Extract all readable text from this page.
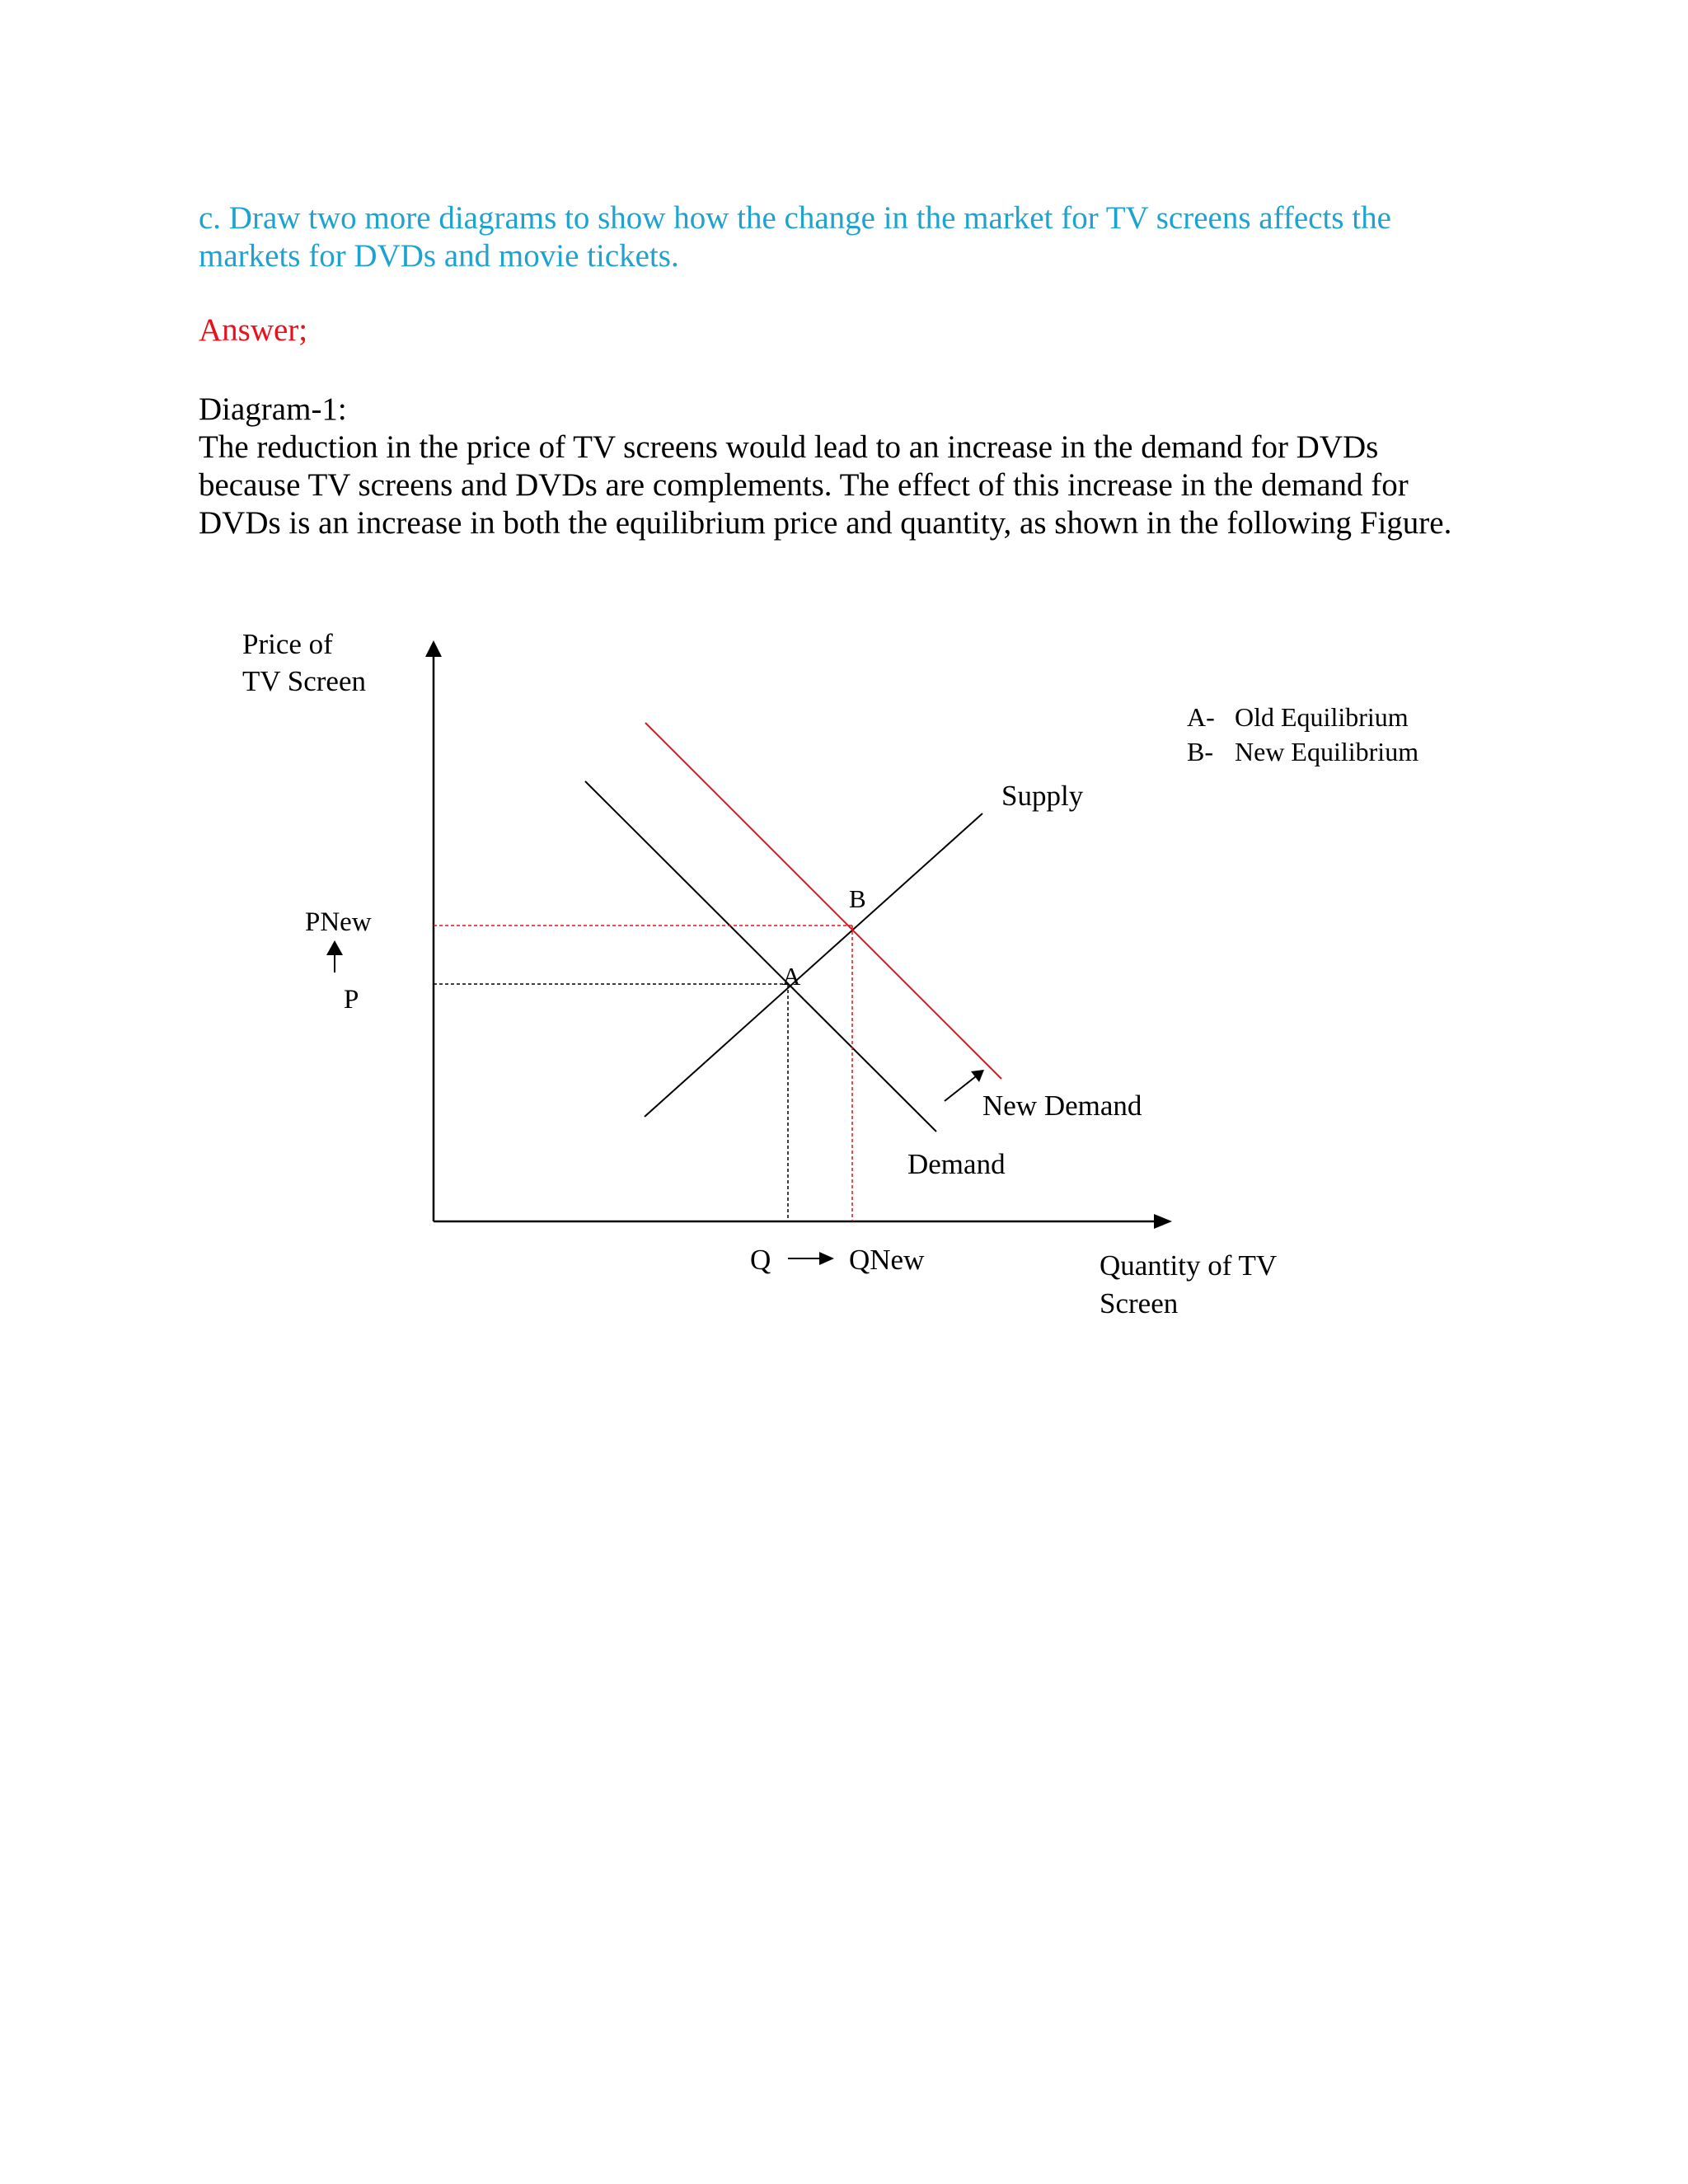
c. Draw two more diagrams to show how the change in the market for TV screens affects the markets for DVDs and movie tickets.

Answer;

Diagram-1:

The reduction in the price of TV screens would lead to an increase in the demand for DVDs because TV screens and DVDs are complements. The effect of this increase in the demand for DVDs is an increase in both the equilibrium price and quantity, as shown in the following Figure.

Price of
TV Screen
Quantity of TV
Screen
A- Old Equilibrium
B- New Equilibrium
A
B
Supply
Demand
New Demand
PNew
P
Q	QNew
